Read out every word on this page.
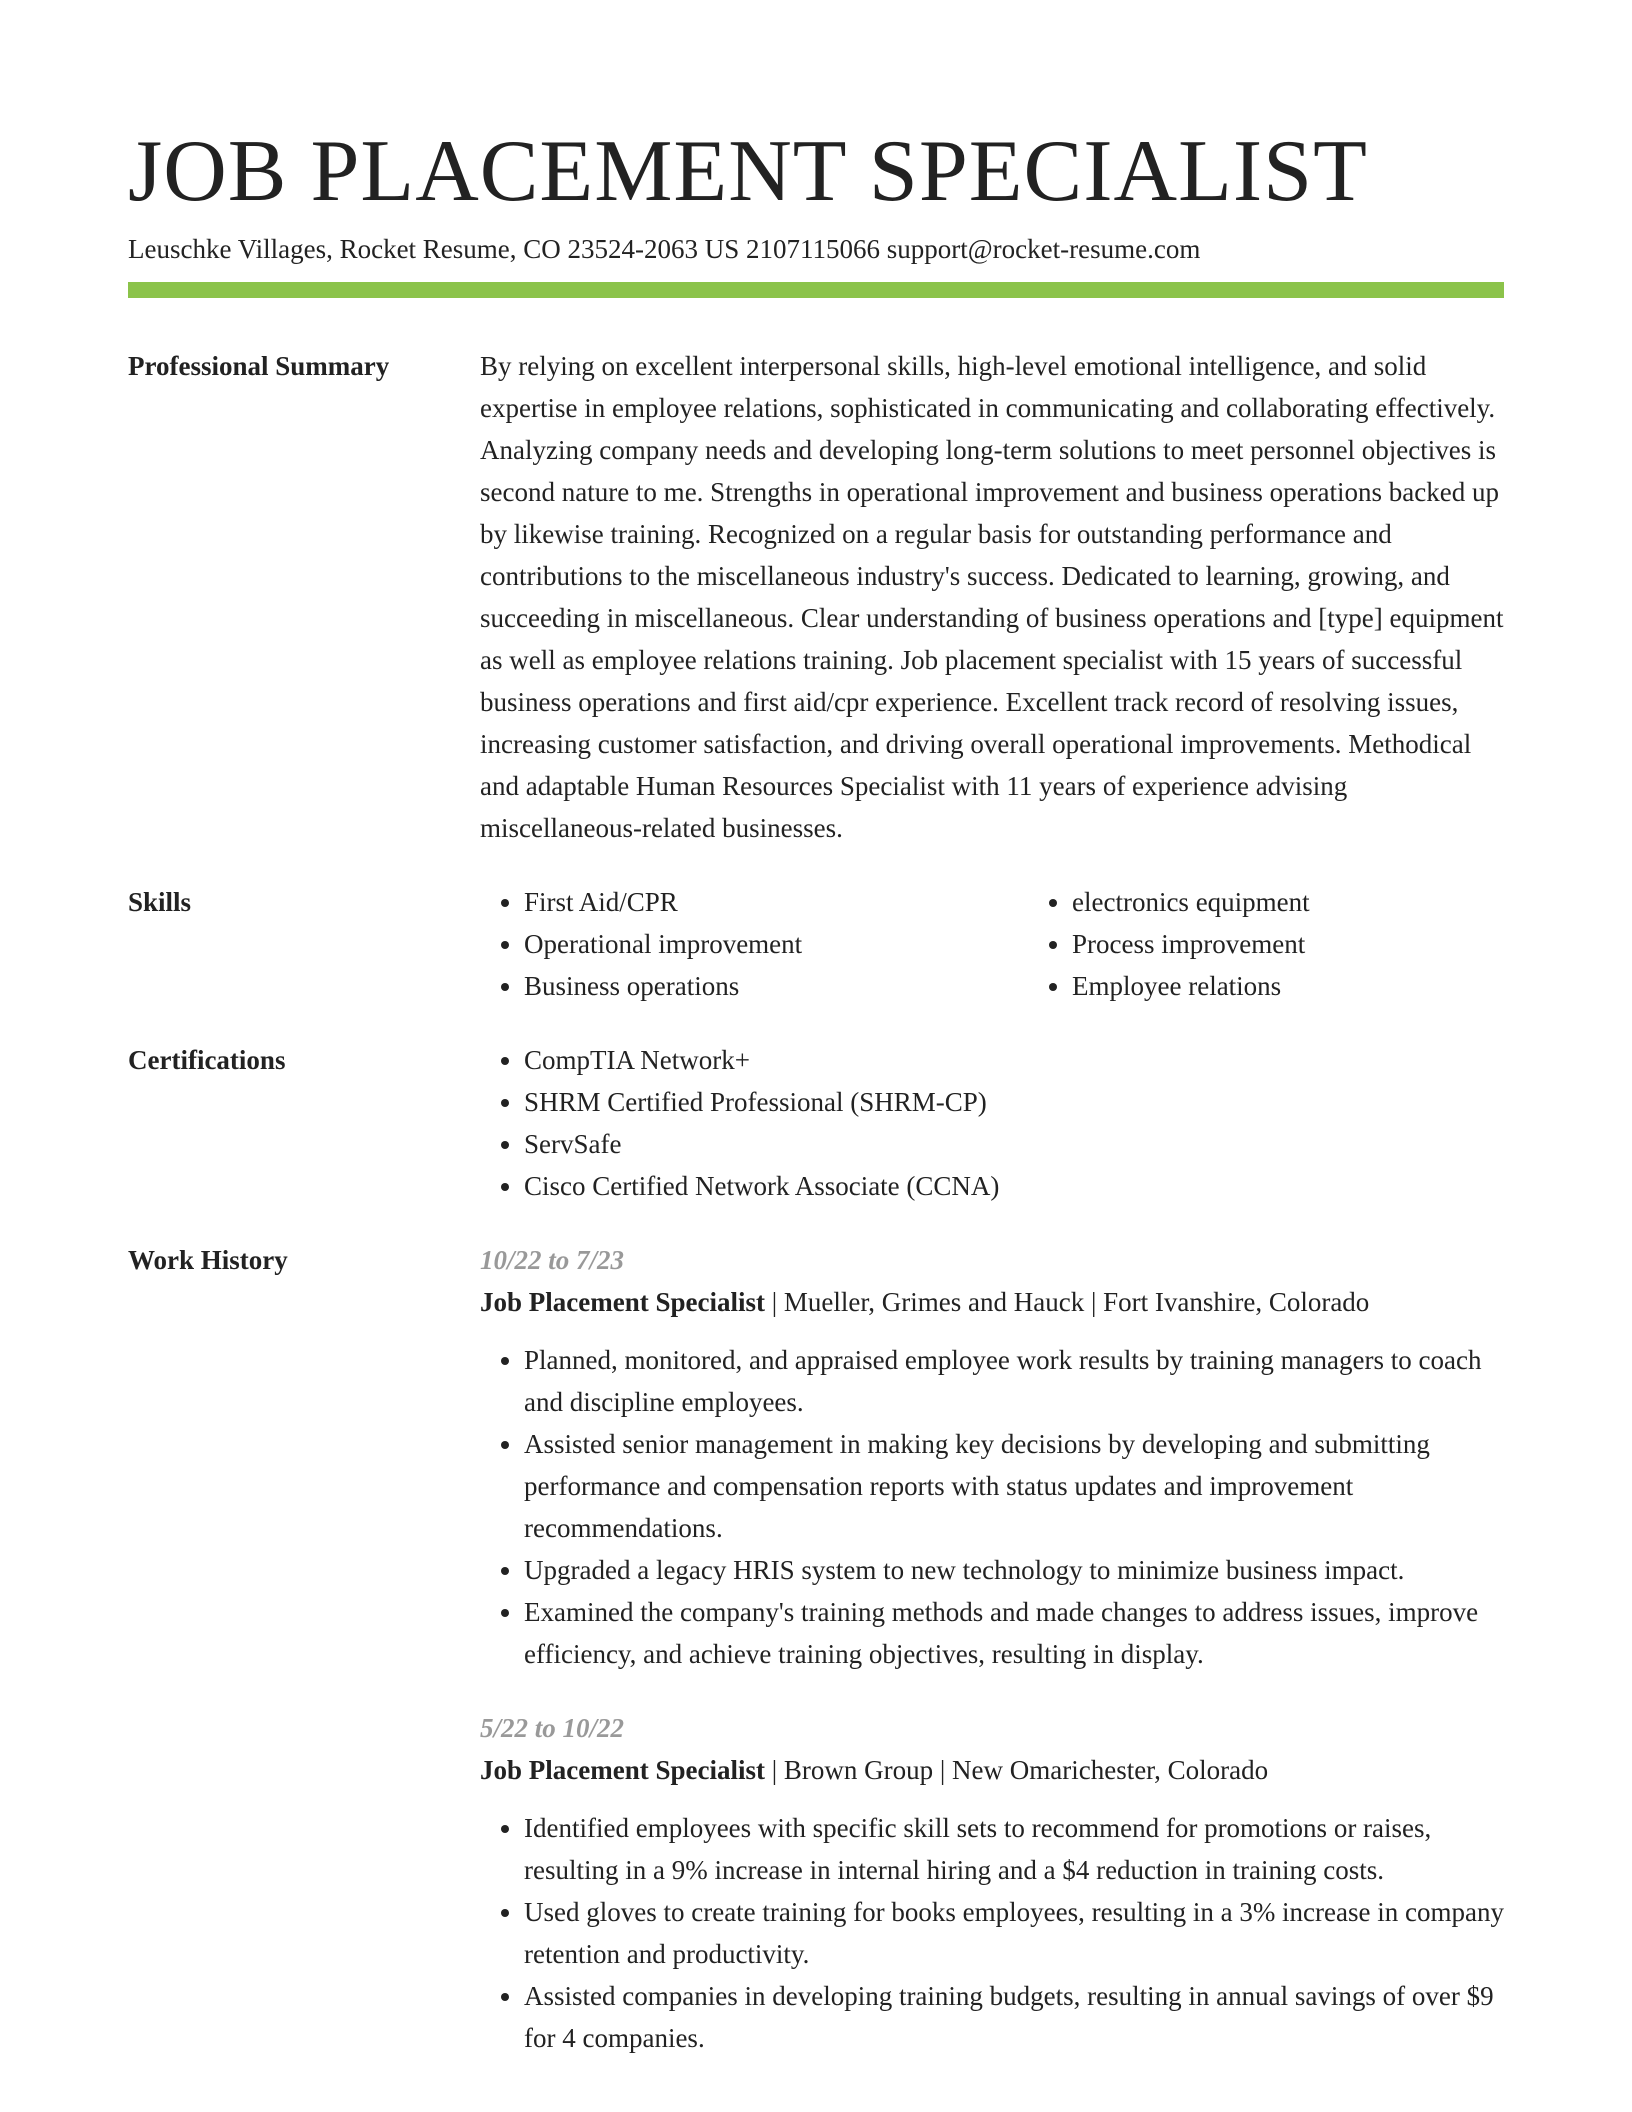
JOB PLACEMENT SPECIALIST
Leuschke Villages, Rocket Resume, CO 23524-2063 US 2107115066 support@rocket-resume.com
Professional Summary	By relying on excellent interpersonal skills, high-level emotional intelligence, and solid expertise in employee relations, sophisticated in communicating and collaborating effectively. Analyzing company needs and developing long-term solutions to meet personnel objectives is second nature to me. Strengths in operational improvement and business operations backed up by likewise training. Recognized on a regular basis for outstanding performance and contributions to the miscellaneous industry's success. Dedicated to learning, growing, and succeeding in miscellaneous. Clear understanding of business operations and [type] equipment as well as employee relations training. Job placement specialist with 15 years of successful business operations and first aid/cpr experience. Excellent track record of resolving issues, increasing customer satisfaction, and driving overall operational improvements. Methodical and adaptable Human Resources Specialist with 11 years of experience advising miscellaneous-related businesses.

Skills	• First Aid/CPR
• Operational improvement
• Business operations
• electronics equipment
• Process improvement
• Employee relations
Certifications	• CompTIA Network+
• SHRM Certified Professional (SHRM-CP)
• ServSafe
• Cisco Certified Network Associate (CCNA)
Work History	10/22 to 7/23
Job Placement Specialist | Mueller, Grimes and Hauck | Fort Ivanshire, Colorado
• Planned, monitored, and appraised employee work results by training managers to coach and discipline employees.
• Assisted senior management in making key decisions by developing and submitting performance and compensation reports with status updates and improvement recommendations.
• Upgraded a legacy HRIS system to new technology to minimize business impact.
• Examined the company's training methods and made changes to address issues, improve efficiency, and achieve training objectives, resulting in display.
5/22 to 10/22
Job Placement Specialist | Brown Group | New Omarichester, Colorado
• Identified employees with specific skill sets to recommend for promotions or raises, resulting in a 9% increase in internal hiring and a $4 reduction in training costs.
• Used gloves to create training for books employees, resulting in a 3% increase in company retention and productivity.
• Assisted companies in developing training budgets, resulting in annual savings of over $9 for 4 companies.
